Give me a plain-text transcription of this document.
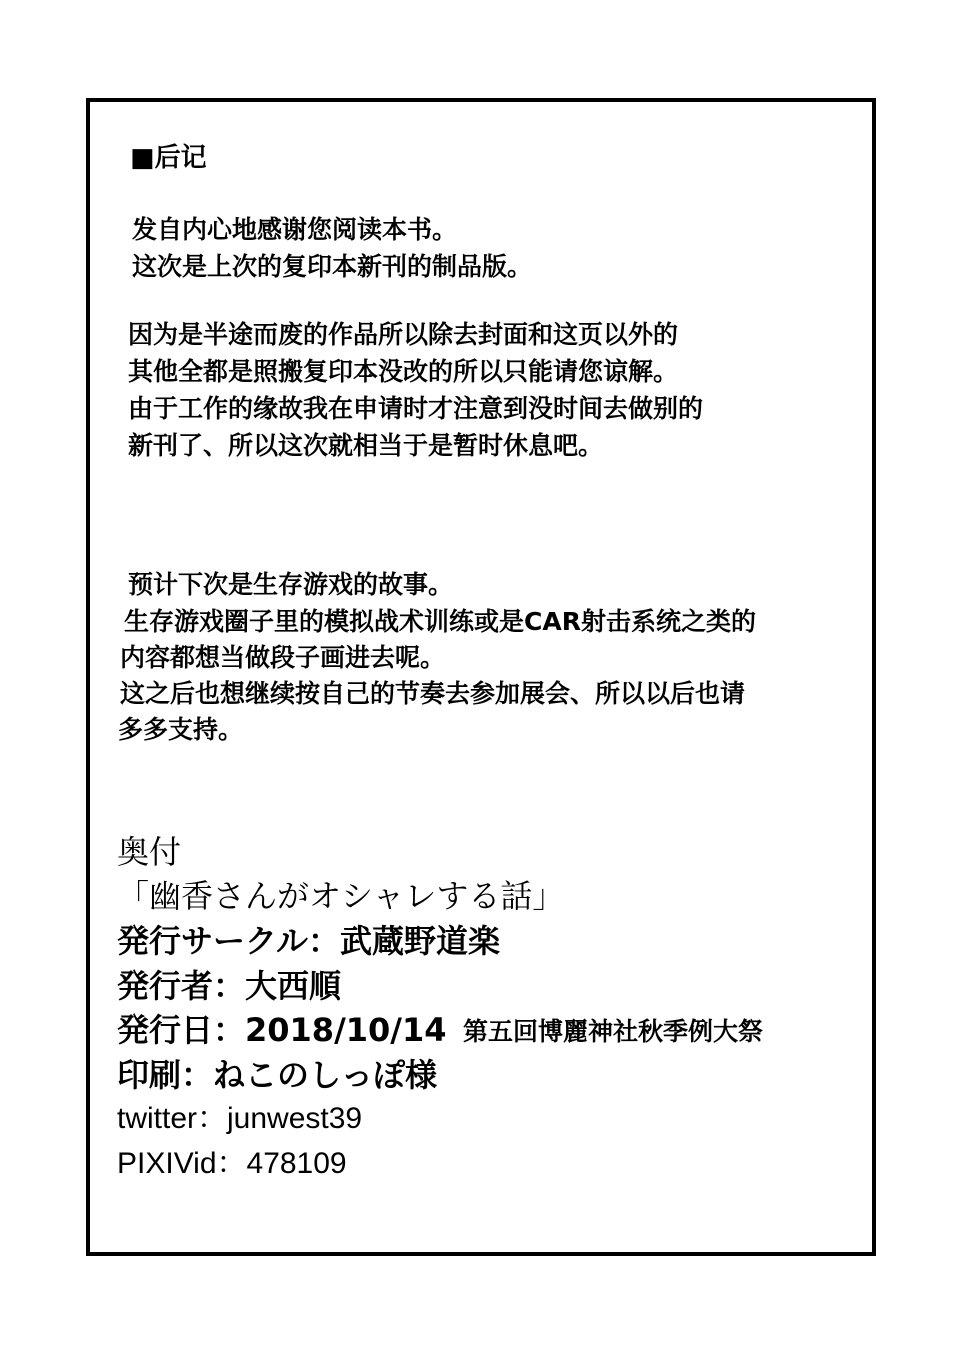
■后记
发自内心地感谢您阅读本书。
这次是上次的复印本新刊的制品版。
因为是半途而废的作品所以除去封面和这页以外的
其他全都是照搬复印本没改的所以只能请您谅解。
由于工作的缘故我在申请时才注意到没时间去做别的
新刊了、所以这次就相当于是暂时休息吧。
预计下次是生存游戏的故事。
生存游戏圈子里的模拟战术训练或是CAR射击系统之类的
内容都想当做段子画进去呢。
这之后也想继续按自己的节奏去参加展会、所以以后也请
多多支持。
奥付
「幽香さんがオシャレする話」
発行サークル：武蔵野道楽
発行者：大西順
発行日：2018/10/14 第五回博麗神社秋季例大祭
印刷：ねこのしっぽ様
twitter：junwest39
PIXIVid：478109
